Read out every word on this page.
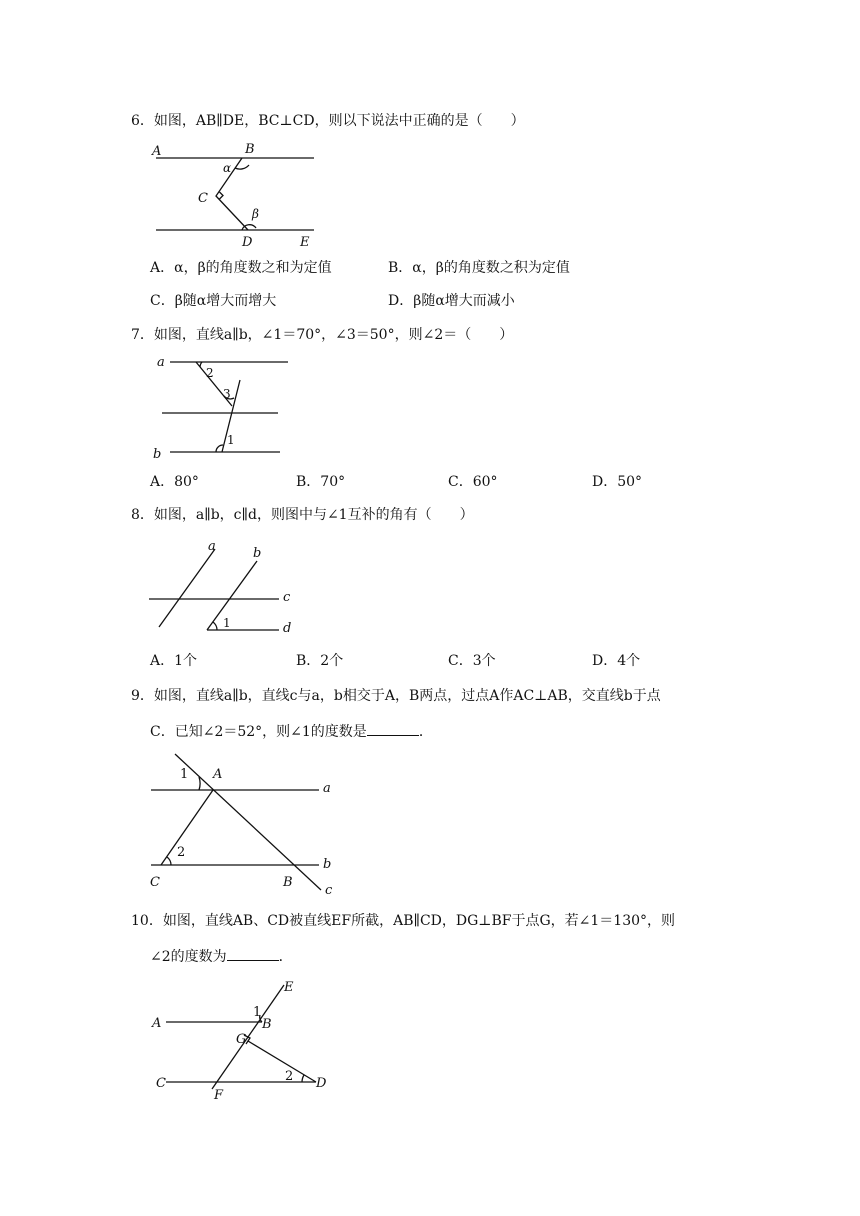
6．如图，AB∥DE，BC⊥CD，则以下说法中正确的是（　　）
A	B
α
C
β
D	E
A．α，β的角度数之和为定值	B．α，β的角度数之积为定值
C．β随α增大而增大	D．β随α增大而减小
7．如图，直线a∥b，∠1＝70°，∠3＝50°，则∠2＝（　　）
a
2
3
1
b
A．80°	B．70°	C．60°	D．50°
8．如图，a∥b，c∥d，则图中与∠1互补的角有（　　）
a	b
c
1	d
A．1个	B．2个	C．3个	D．4个
9．如图，直线a∥b，直线c与a，b相交于A，B两点，过点A作AC⊥AB，交直线b于点
C．已知∠2＝52°，则∠1的度数是	．
1 A
a
2
b
C	B
c
10．如图，直线AB、CD被直线EF所截，AB∥CD，DG⊥BF于点G，若∠1＝130°，则
∠2的度数为	．
E
1
A	B
G
C	2 D
F
